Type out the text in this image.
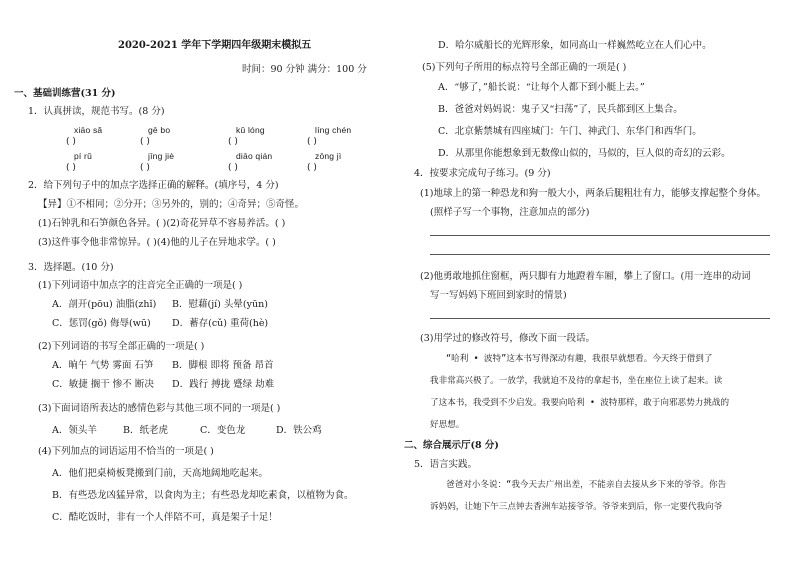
2020-2021 学年下学期四年级期末模拟五
时间：90 分钟 满分：100 分
一、基础训练营(31 分)
1．认真拼读，规范书写。(8 分)
xiāo sǎ	gē bo	kǔ lóng	líng chén
( )	( )	( )	( )
pí rǔ	jīng jiè	diāo qián	zōng jì
( )	( )	( )	( )
2．给下列句子中的加点字选择正确的解释。(填序号，4 分)
【异】①不相同；②分开；③另外的，别的；④奇异；⑤奇怪。
(1)石钟乳和石笋颜色各异。( )(2)奇花异草不容易养活。( )
(3)这件事令他非常惊异。( )(4)他的儿子在异地求学。( )
3．选择题。(10 分)
(1)下列词语中加点字的注音完全正确的一项是( )
A．剖开(pōu) 油脂(zhǐ) B．慰藉(jí) 头晕(yūn)
C．惩罚(gǒ) 侮辱(wū) D．蓄存(cǔ) 重荷(hè)
(2)下列词语的书写全部正确的一项是( )
A．晌午 气势 雾面 石笋 B．脚根 即将 预备 昂首
C．敏捷 搁干 惨不 断决 D．践行 搏拢 蹙绿 劫难
(3)下面词语所表达的感情色彩与其他三项不同的一项是( )
A．领头羊	B．纸老虎	C．变色龙	D．铁公鸡
(4)下列加点的词语运用不恰当的一项是( )
A．他们把桌椅板凳搬到门前，天高地阔地吃起来。
B．有些恐龙凶猛异常，以食肉为主；有些恐龙却吃素食，以植物为食。
C．酷吃饭时，非有一个人伴陪不可，真是架子十足！
D．哈尔威船长的光辉形象，如同高山一样巍然屹立在人们心中。
(5)下列句子所用的标点符号全部正确的一项是( )
A．“够了，”船长说：“让每个人都下到小艇上去。”
B．爸爸对妈妈说：鬼子又“扫荡”了，民兵都到区上集合。
C．北京紫禁城有四座城门：午门、神武门、东华门和西华门。
D．从那里你能想象到无数像山似的，马似的，巨人似的奇幻的云彩。
4．按要求完成句子练习。(9 分)
(1)地球上的第一种恐龙和狗一般大小，两条后腿粗壮有力，能够支撑起整个身体。
(照样子写一个事物，注意加点的部分)
(2)他勇敢地抓住窗框，两只脚有力地蹬着车厢，攀上了窗口。(用一连串的动词
写一写妈妈下班回到家时的情景)
(3)用学过的修改符号，修改下面一段话。
“哈利 • 波特”这本书写得深动有趣，我很早就想看。今天终于借到了
我非常高兴极了。一放学，我就迫不及待的拿起书，坐在座位上读了起来。读
了这本书，我受到不少启发。我要向哈利 • 波特那样，敢于向邪恶势力挑战的
好思想。
二、综合展示厅(8 分)
5．语言实践。
爸爸对小冬说：“我今天去广州出差，不能亲自去接从乡下来的爷爷。你告
诉妈妈，让她下午三点钟去香洲车站接爷爷。爷爷来到后，你一定要代我向爷
